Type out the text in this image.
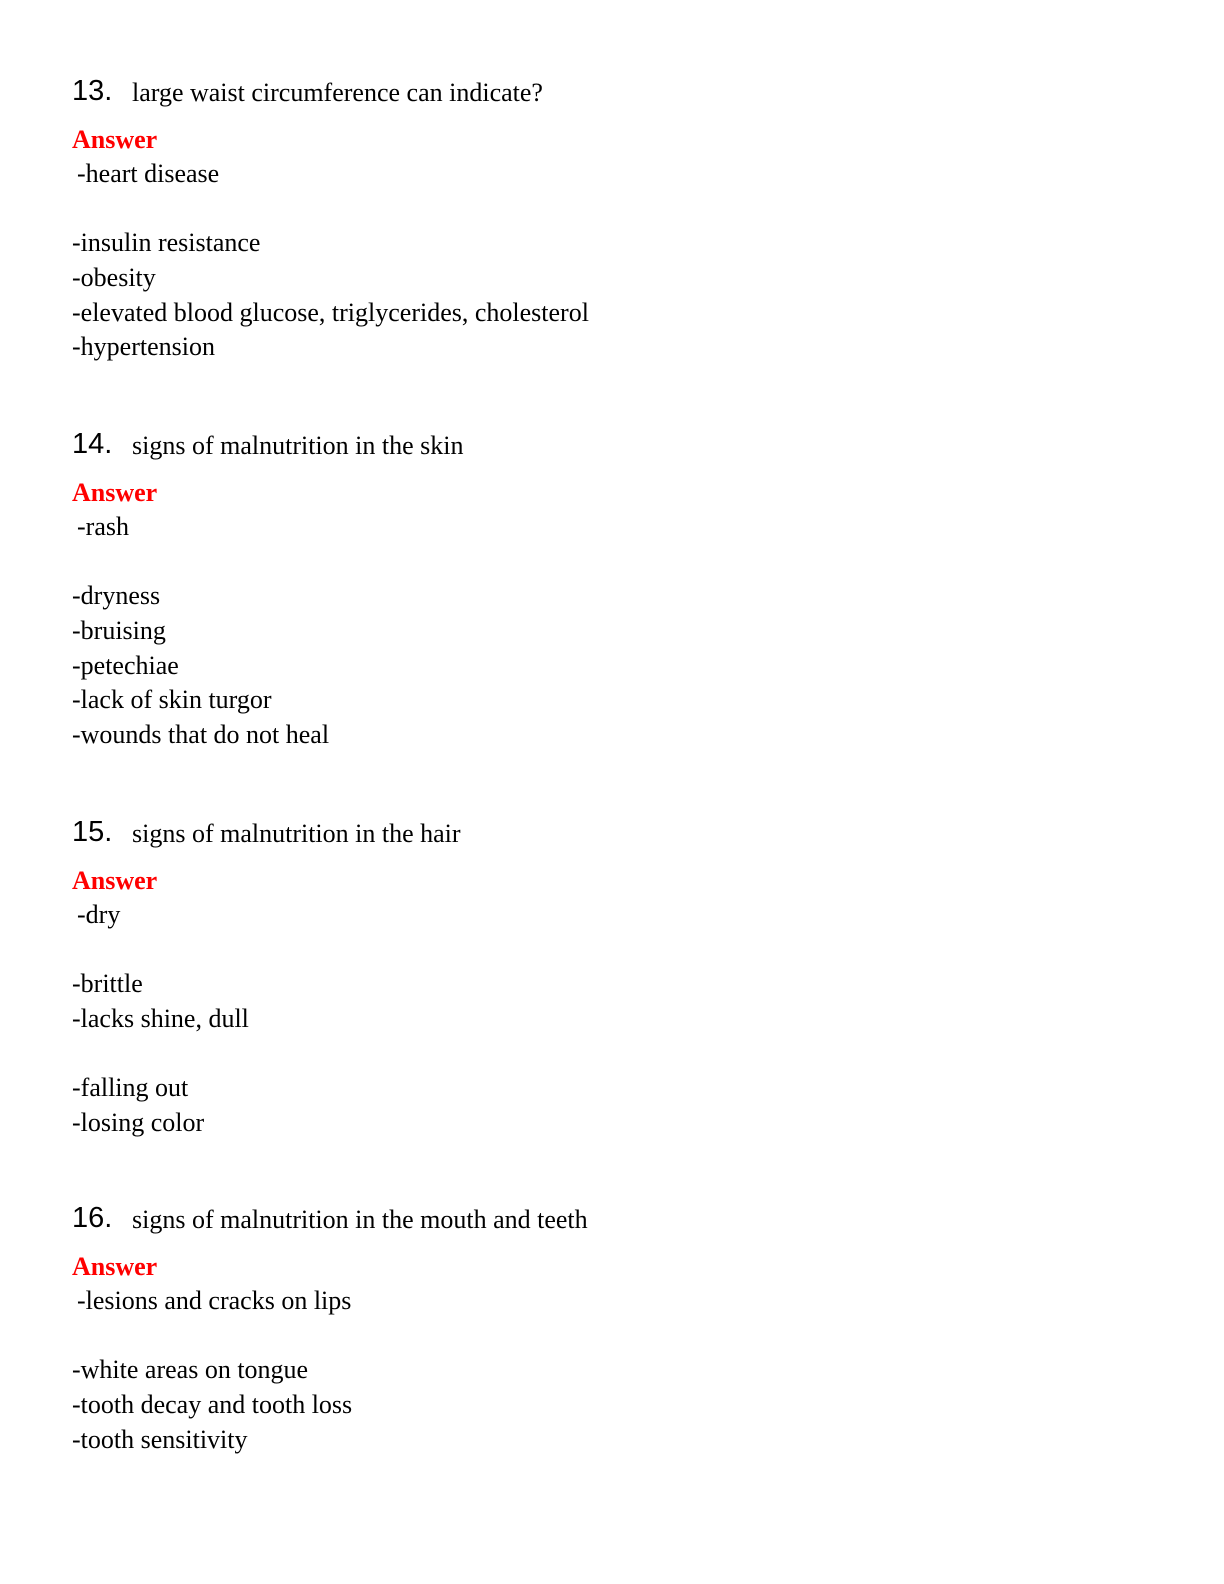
13. large waist circumference can indicate?
Answer
-heart disease
-insulin resistance
-obesity
-elevated blood glucose, triglycerides, cholesterol
-hypertension
14. signs of malnutrition in the skin
Answer
-rash
-dryness
-bruising
-petechiae
-lack of skin turgor
-wounds that do not heal
15. signs of malnutrition in the hair
Answer
-dry
-brittle
-lacks shine, dull
-falling out
-losing color
16. signs of malnutrition in the mouth and teeth
Answer
-lesions and cracks on lips
-white areas on tongue
-tooth decay and tooth loss
-tooth sensitivity
